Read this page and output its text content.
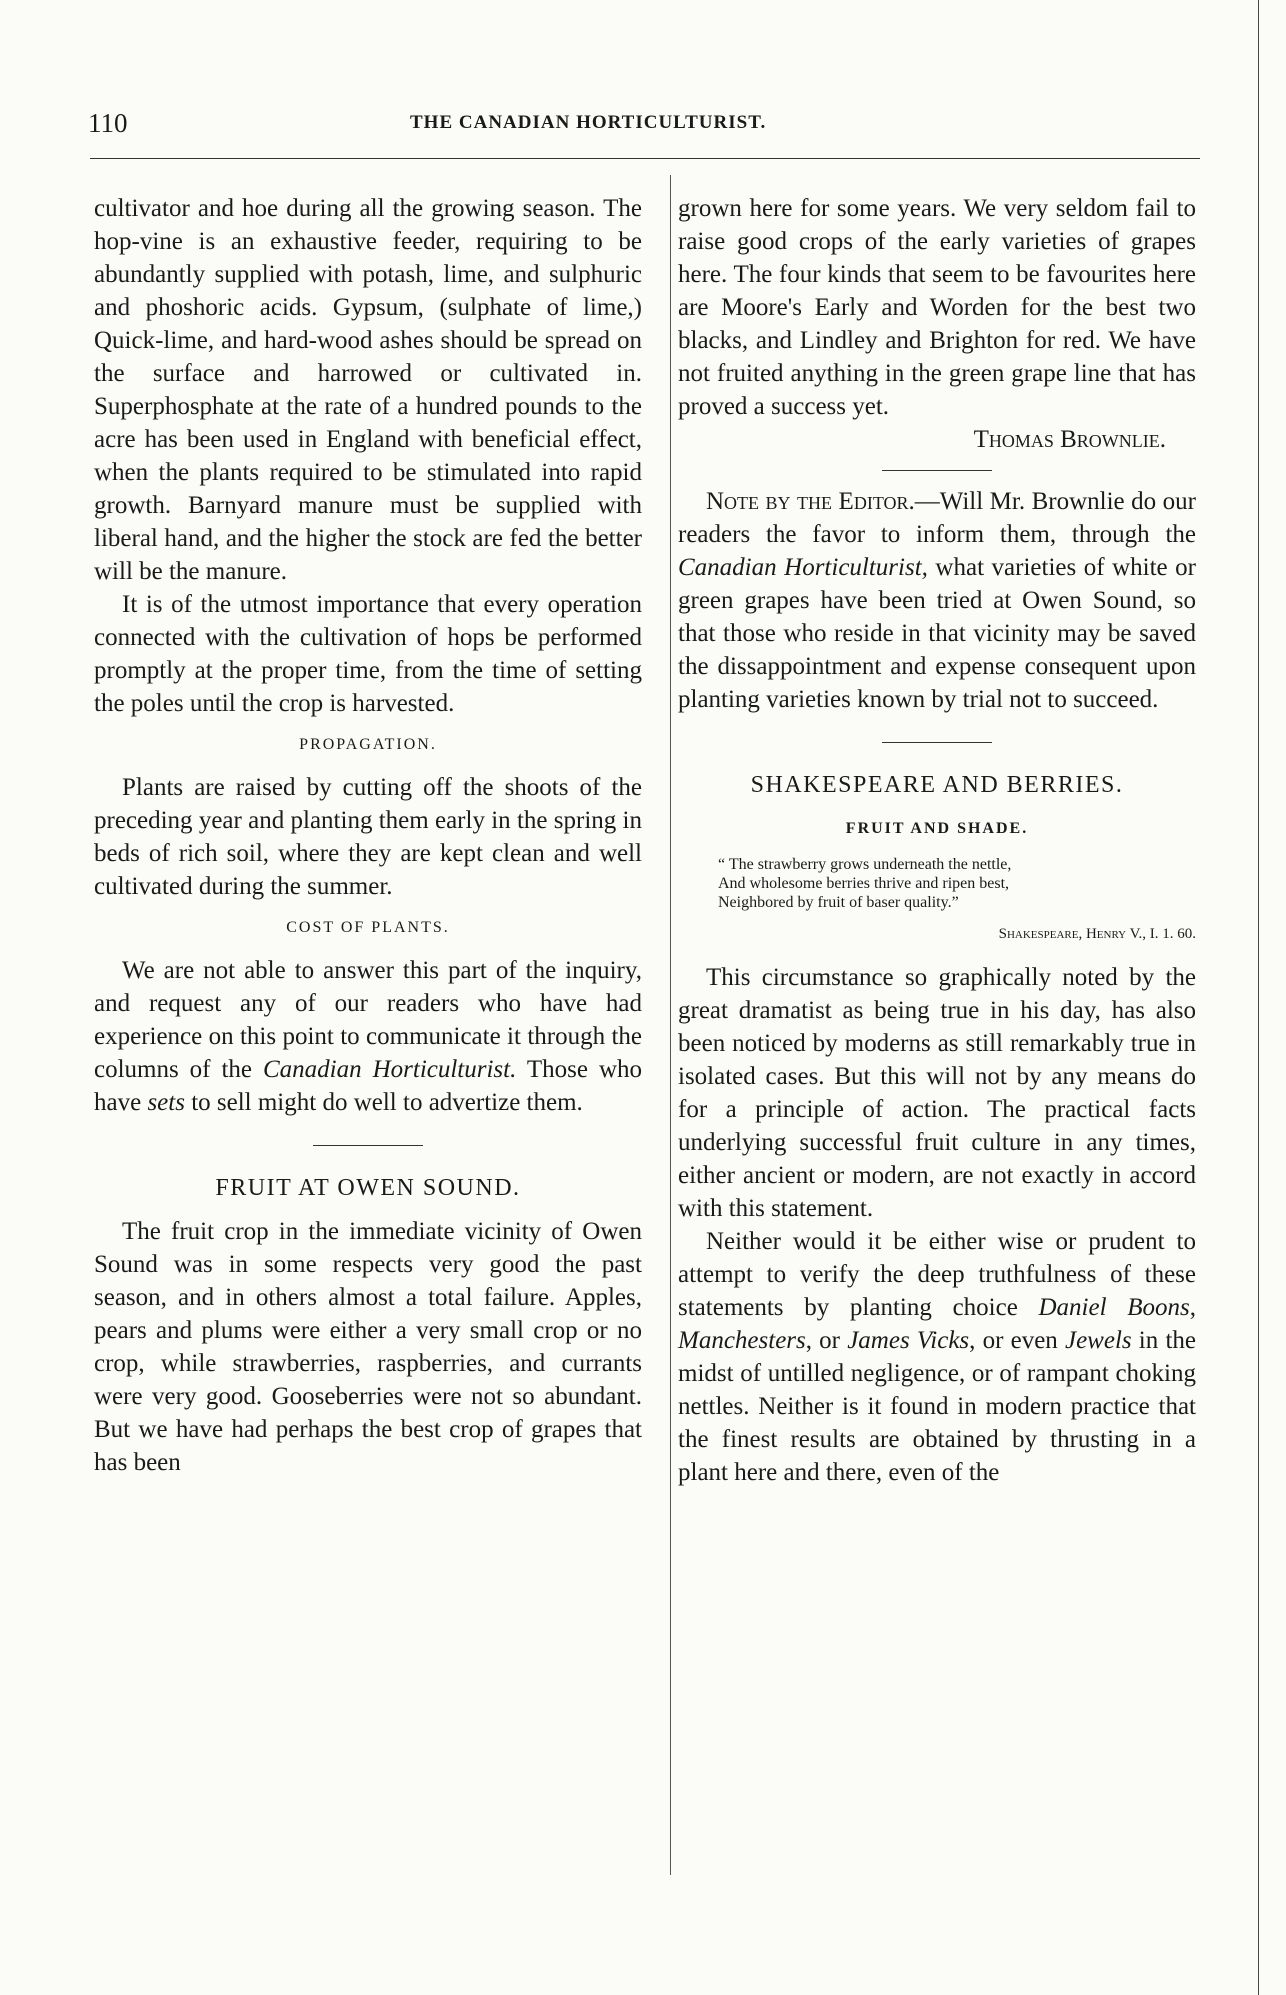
110	THE CANADIAN HORTICULTURIST.

cultivator and hoe during all the growing season. The hop-vine is an exhaustive feeder, requiring to be abundantly supplied with potash, lime, and sulphuric and phoshoric acids. Gypsum, (sulphate of lime,) Quick-lime, and hard-wood ashes should be spread on the surface and harrowed or cultivated in. Superphosphate at the rate of a hundred pounds to the acre has been used in England with beneficial effect, when the plants required to be stimulated into rapid growth. Barnyard manure must be supplied with liberal hand, and the higher the stock are fed the better will be the manure.

It is of the utmost importance that every operation connected with the cultivation of hops be performed promptly at the proper time, from the time of setting the poles until the crop is harvested.

PROPAGATION.

Plants are raised by cutting off the shoots of the preceding year and planting them early in the spring in beds of rich soil, where they are kept clean and well cultivated during the summer.

COST OF PLANTS.

We are not able to answer this part of the inquiry, and request any of our readers who have had experience on this point to communicate it through the columns of the Canadian Horticulturist. Those who have sets to sell might do well to advertize them.

FRUIT AT OWEN SOUND.

The fruit crop in the immediate vicinity of Owen Sound was in some respects very good the past season, and in others almost a total failure. Apples, pears and plums were either a very small crop or no crop, while strawberries, raspberries, and currants were very good. Gooseberries were not so abundant. But we have had perhaps the best crop of grapes that has been

grown here for some years. We very seldom fail to raise good crops of the early varieties of grapes here. The four kinds that seem to be favourites here are Moore's Early and Worden for the best two blacks, and Lindley and Brighton for red. We have not fruited anything in the green grape line that has proved a success yet.

Thomas Brownlie.

Note by the Editor.—Will Mr. Brownlie do our readers the favor to inform them, through the Canadian Horticulturist, what varieties of white or green grapes have been tried at Owen Sound, so that those who reside in that vicinity may be saved the dissappointment and expense consequent upon planting varieties known by trial not to succeed.

SHAKESPEARE AND BERRIES.
FRUIT AND SHADE.
“ The strawberry grows underneath the nettle,
And wholesome berries thrive and ripen best,
Neighbored by fruit of baser quality.”
Shakespeare, Henry V., I. 1. 60.

This circumstance so graphically noted by the great dramatist as being true in his day, has also been noticed by moderns as still remarkably true in isolated cases. But this will not by any means do for a principle of action. The practical facts underlying successful fruit culture in any times, either ancient or modern, are not exactly in accord with this statement.

Neither would it be either wise or prudent to attempt to verify the deep truthfulness of these statements by planting choice Daniel Boons, Manchesters, or James Vicks, or even Jewels in the midst of untilled negligence, or of rampant choking nettles. Neither is it found in modern practice that the finest results are obtained by thrusting in a plant here and there, even of the
